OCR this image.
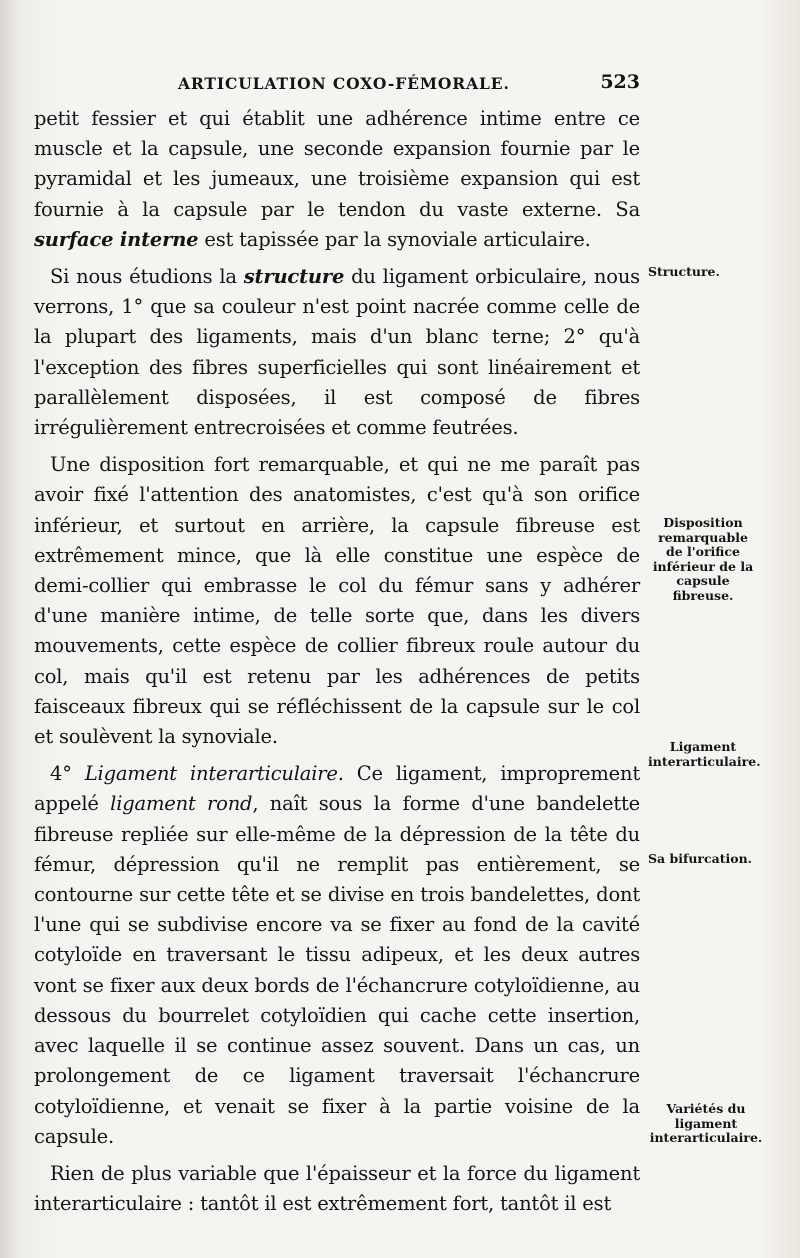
ARTICULATION COXO-FÉMORALE.	523

petit fessier et qui établit une adhérence intime entre ce muscle et la capsule, une seconde expansion fournie par le pyramidal et les jumeaux, une troisième expansion qui est fournie à la capsule par le tendon du vaste externe. Sa surface interne est tapissée par la synoviale articulaire.

Si nous étudions la structure du ligament orbiculaire, nous verrons, 1° que sa couleur n'est point nacrée comme celle de la plupart des ligaments, mais d'un blanc terne; 2° qu'à l'exception des fibres superficielles qui sont linéairement et parallèlement disposées, il est composé de fibres irrégulièrement entrecroisées et comme feutrées.

Une disposition fort remarquable, et qui ne me paraît pas avoir fixé l'attention des anatomistes, c'est qu'à son orifice inférieur, et surtout en arrière, la capsule fibreuse est extrêmement mince, que là elle constitue une espèce de demi-collier qui embrasse le col du fémur sans y adhérer d'une manière intime, de telle sorte que, dans les divers mouvements, cette espèce de collier fibreux roule autour du col, mais qu'il est retenu par les adhérences de petits faisceaux fibreux qui se réfléchissent de la capsule sur le col et soulèvent la synoviale.

4° Ligament interarticulaire. Ce ligament, improprement appelé ligament rond, naît sous la forme d'une bandelette fibreuse repliée sur elle-même de la dépression de la tête du fémur, dépression qu'il ne remplit pas entièrement, se contourne sur cette tête et se divise en trois bandelettes, dont l'une qui se subdivise encore va se fixer au fond de la cavité cotyloïde en traversant le tissu adipeux, et les deux autres vont se fixer aux deux bords de l'échancrure cotyloïdienne, au dessous du bourrelet cotyloïdien qui cache cette insertion, avec laquelle il se continue assez souvent. Dans un cas, un prolongement de ce ligament traversait l'échancrure cotyloïdienne, et venait se fixer à la partie voisine de la capsule.

Rien de plus variable que l'épaisseur et la force du ligament interarticulaire : tantôt il est extrêmement fort, tantôt il est

Structure.
Disposition remarquable de l'orifice inférieur de la capsule fibreuse.
Ligament interarticulaire.
Sa bifurcation.
Variétés du ligament interarticulaire.
